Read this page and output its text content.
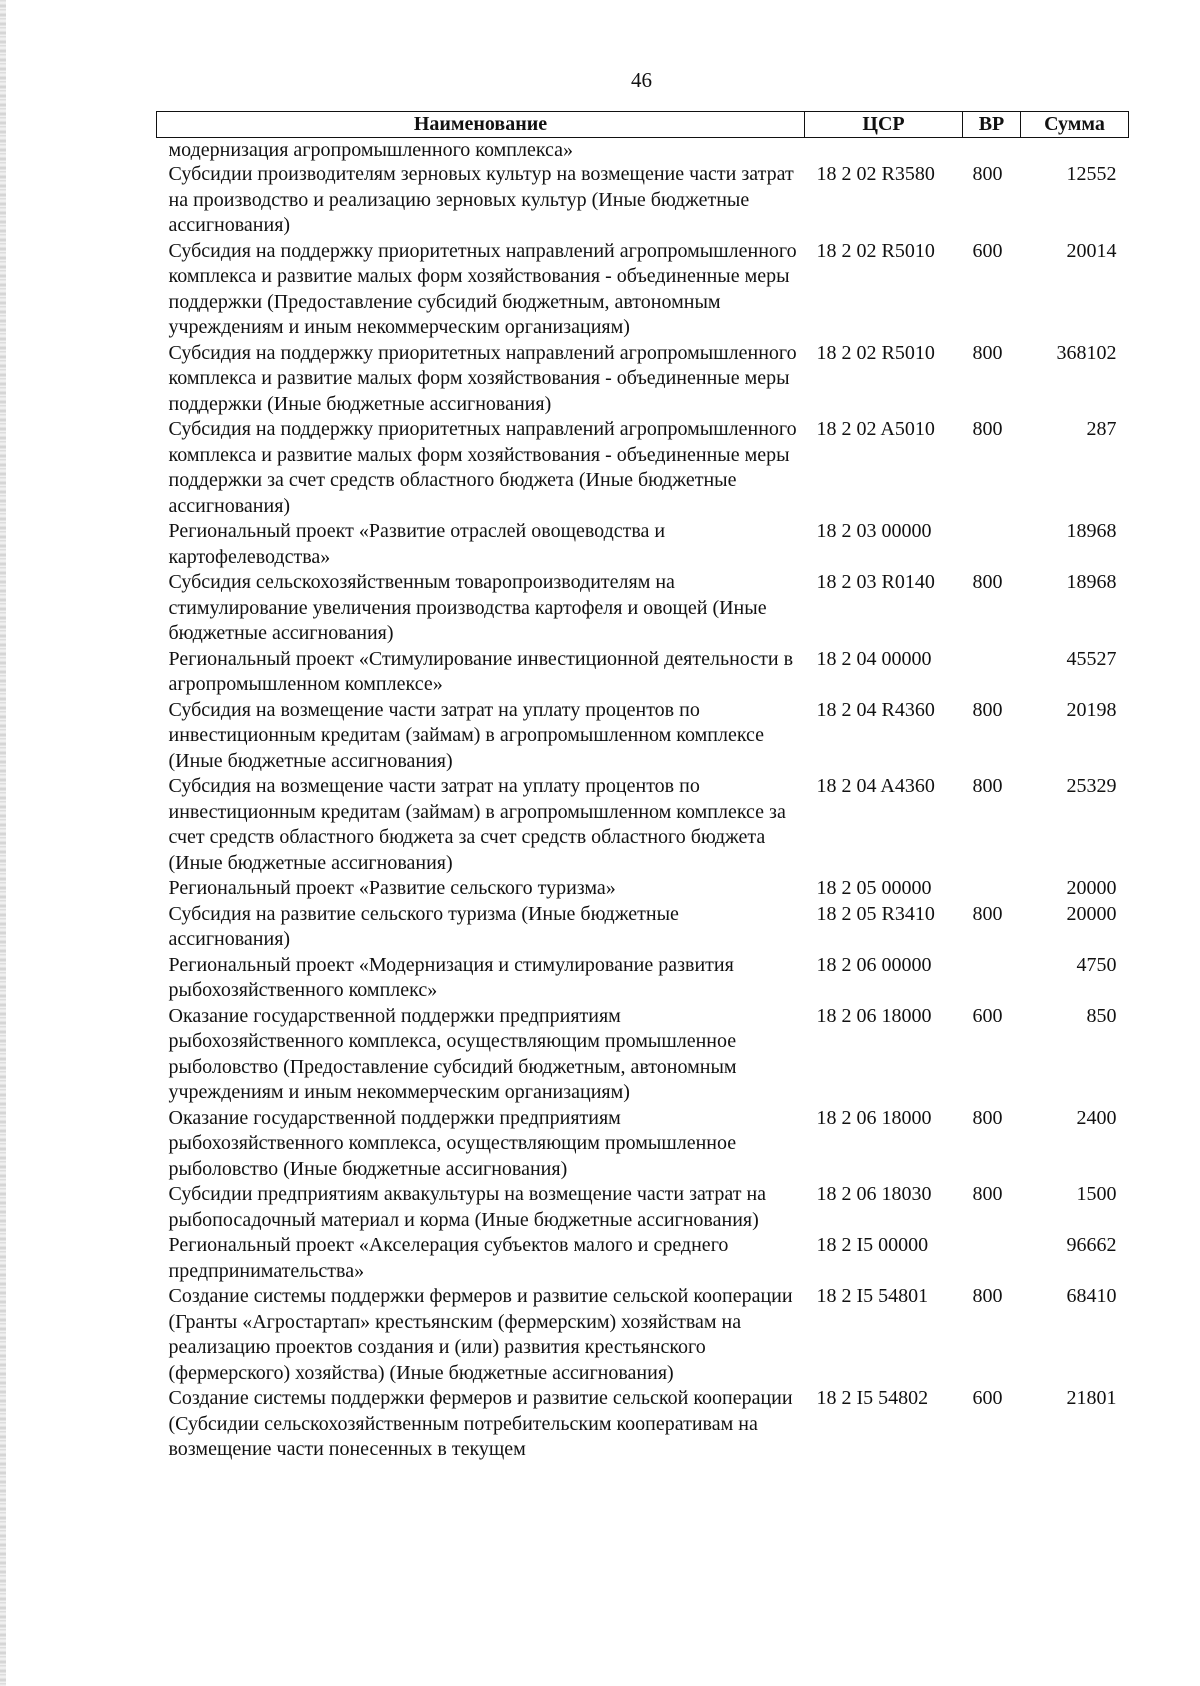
46
Наименование	ЦСР	ВР	Сумма
модернизация агропромышленного комплекса»			
Субсидии производителям зерновых культур на возмещение части затрат на производство и реализацию зерновых культур (Иные бюджетные ассигнования)	18 2 02 R3580	800	12552
Субсидия на поддержку приоритетных направлений агропромышленного комплекса и развитие малых форм хозяйствования - объединенные меры поддержки (Предоставление субсидий бюджетным, автономным учреждениям и иным некоммерческим организациям)	18 2 02 R5010	600	20014
Субсидия на поддержку приоритетных направлений агропромышленного комплекса и развитие малых форм хозяйствования - объединенные меры поддержки (Иные бюджетные ассигнования)	18 2 02 R5010	800	368102
Субсидия на поддержку приоритетных направлений агропромышленного комплекса и развитие малых форм хозяйствования - объединенные меры поддержки за счет средств областного бюджета (Иные бюджетные ассигнования)	18 2 02 A5010	800	287
Региональный проект «Развитие отраслей овощеводства и картофелеводства»	18 2 03 00000		18968
Субсидия сельскохозяйственным товаропроизводителям на стимулирование увеличения производства картофеля и овощей (Иные бюджетные ассигнования)	18 2 03 R0140	800	18968
Региональный проект «Стимулирование инвестиционной деятельности в агропромышленном комплексе»	18 2 04 00000		45527
Субсидия на возмещение части затрат на уплату процентов по инвестиционным кредитам (займам) в агропромышленном комплексе (Иные бюджетные ассигнования)	18 2 04 R4360	800	20198
Субсидия на возмещение части затрат на уплату процентов по инвестиционным кредитам (займам) в агропромышленном комплексе за счет средств областного бюджета за счет средств областного бюджета (Иные бюджетные ассигнования)	18 2 04 A4360	800	25329
Региональный проект «Развитие сельского туризма»	18 2 05 00000		20000
Субсидия на развитие сельского туризма (Иные бюджетные ассигнования)	18 2 05 R3410	800	20000
Региональный проект «Модернизация и стимулирование развития рыбохозяйственного комплекс»	18 2 06 00000		4750
Оказание государственной поддержки предприятиям рыбохозяйственного комплекса, осуществляющим промышленное рыболовство (Предоставление субсидий бюджетным, автономным учреждениям и иным некоммерческим организациям)	18 2 06 18000	600	850
Оказание государственной поддержки предприятиям рыбохозяйственного комплекса, осуществляющим промышленное рыболовство (Иные бюджетные ассигнования)	18 2 06 18000	800	2400
Субсидии предприятиям аквакультуры на возмещение части затрат на рыбопосадочный материал и корма (Иные бюджетные ассигнования)	18 2 06 18030	800	1500
Региональный проект «Акселерация субъектов малого и среднего предпринимательства»	18 2 I5 00000		96662
Создание системы поддержки фермеров и развитие сельской кооперации (Гранты «Агростартап» крестьянским (фермерским) хозяйствам на реализацию проектов создания и (или) развития крестьянского (фермерского) хозяйства) (Иные бюджетные ассигнования)	18 2 I5 54801	800	68410
Создание системы поддержки фермеров и развитие сельской кооперации (Субсидии сельскохозяйственным потребительским кооперативам на возмещение части понесенных в текущем	18 2 I5 54802	600	21801
